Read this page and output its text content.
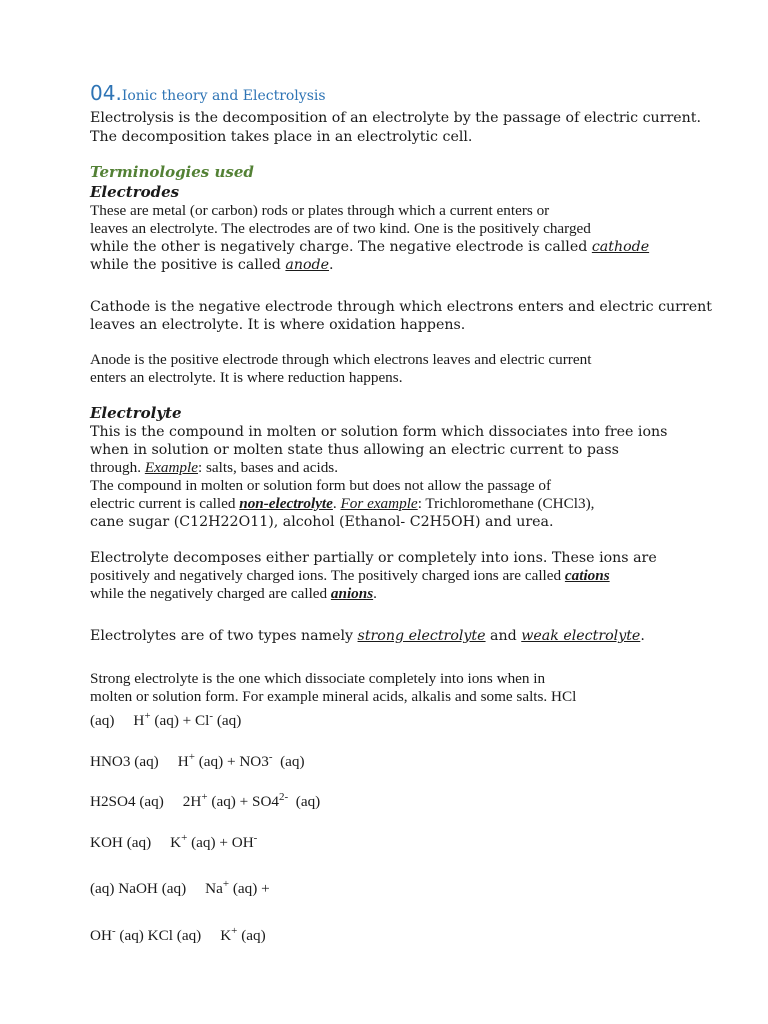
04.Ionic theory and Electrolysis
Electrolysis is the decomposition of an electrolyte by the passage of electric current.
The decomposition takes place in an electrolytic cell.
Terminologies used
Electrodes
These are metal (or carbon) rods or plates through which a current enters or
leaves an electrolyte. The electrodes are of two kind. One is the positively charged
while the other is negatively charge. The negative electrode is called cathode
while the positive is called anode.
Cathode is the negative electrode through which electrons enters and electric current
leaves an electrolyte. It is where oxidation happens.
Anode is the positive electrode through which electrons leaves and electric current
enters an electrolyte. It is where reduction happens.
Electrolyte
This is the compound in molten or solution form which dissociates into free ions
when in solution or molten state thus allowing an electric current to pass
through. Example: salts, bases and acids.
The compound in molten or solution form but does not allow the passage of
electric current is called non-electrolyte. For example: Trichloromethane (CHCl3),
cane sugar (C12H22O11), alcohol (Ethanol- C2H5OH) and urea.
Electrolyte decomposes either partially or completely into ions. These ions are
positively and negatively charged ions. The positively charged ions are called cations
while the negatively charged are called anions.
Electrolytes are of two types namely strong electrolyte and weak electrolyte.
Strong electrolyte is the one which dissociate completely into ions when in
molten or solution form. For example mineral acids, alkalis and some salts. HCl
(aq)     H+ (aq) + Cl- (aq)
HNO3 (aq)     H+ (aq) + NO3-  (aq)
H2SO4 (aq)     2H+ $(aq) + SO4^{2-}$  (aq)
KOH (aq)     K+ (aq) + OH-
(aq) NaOH (aq)     Na+ (aq) +
OH- (aq) KCl (aq)     K+ (aq)
